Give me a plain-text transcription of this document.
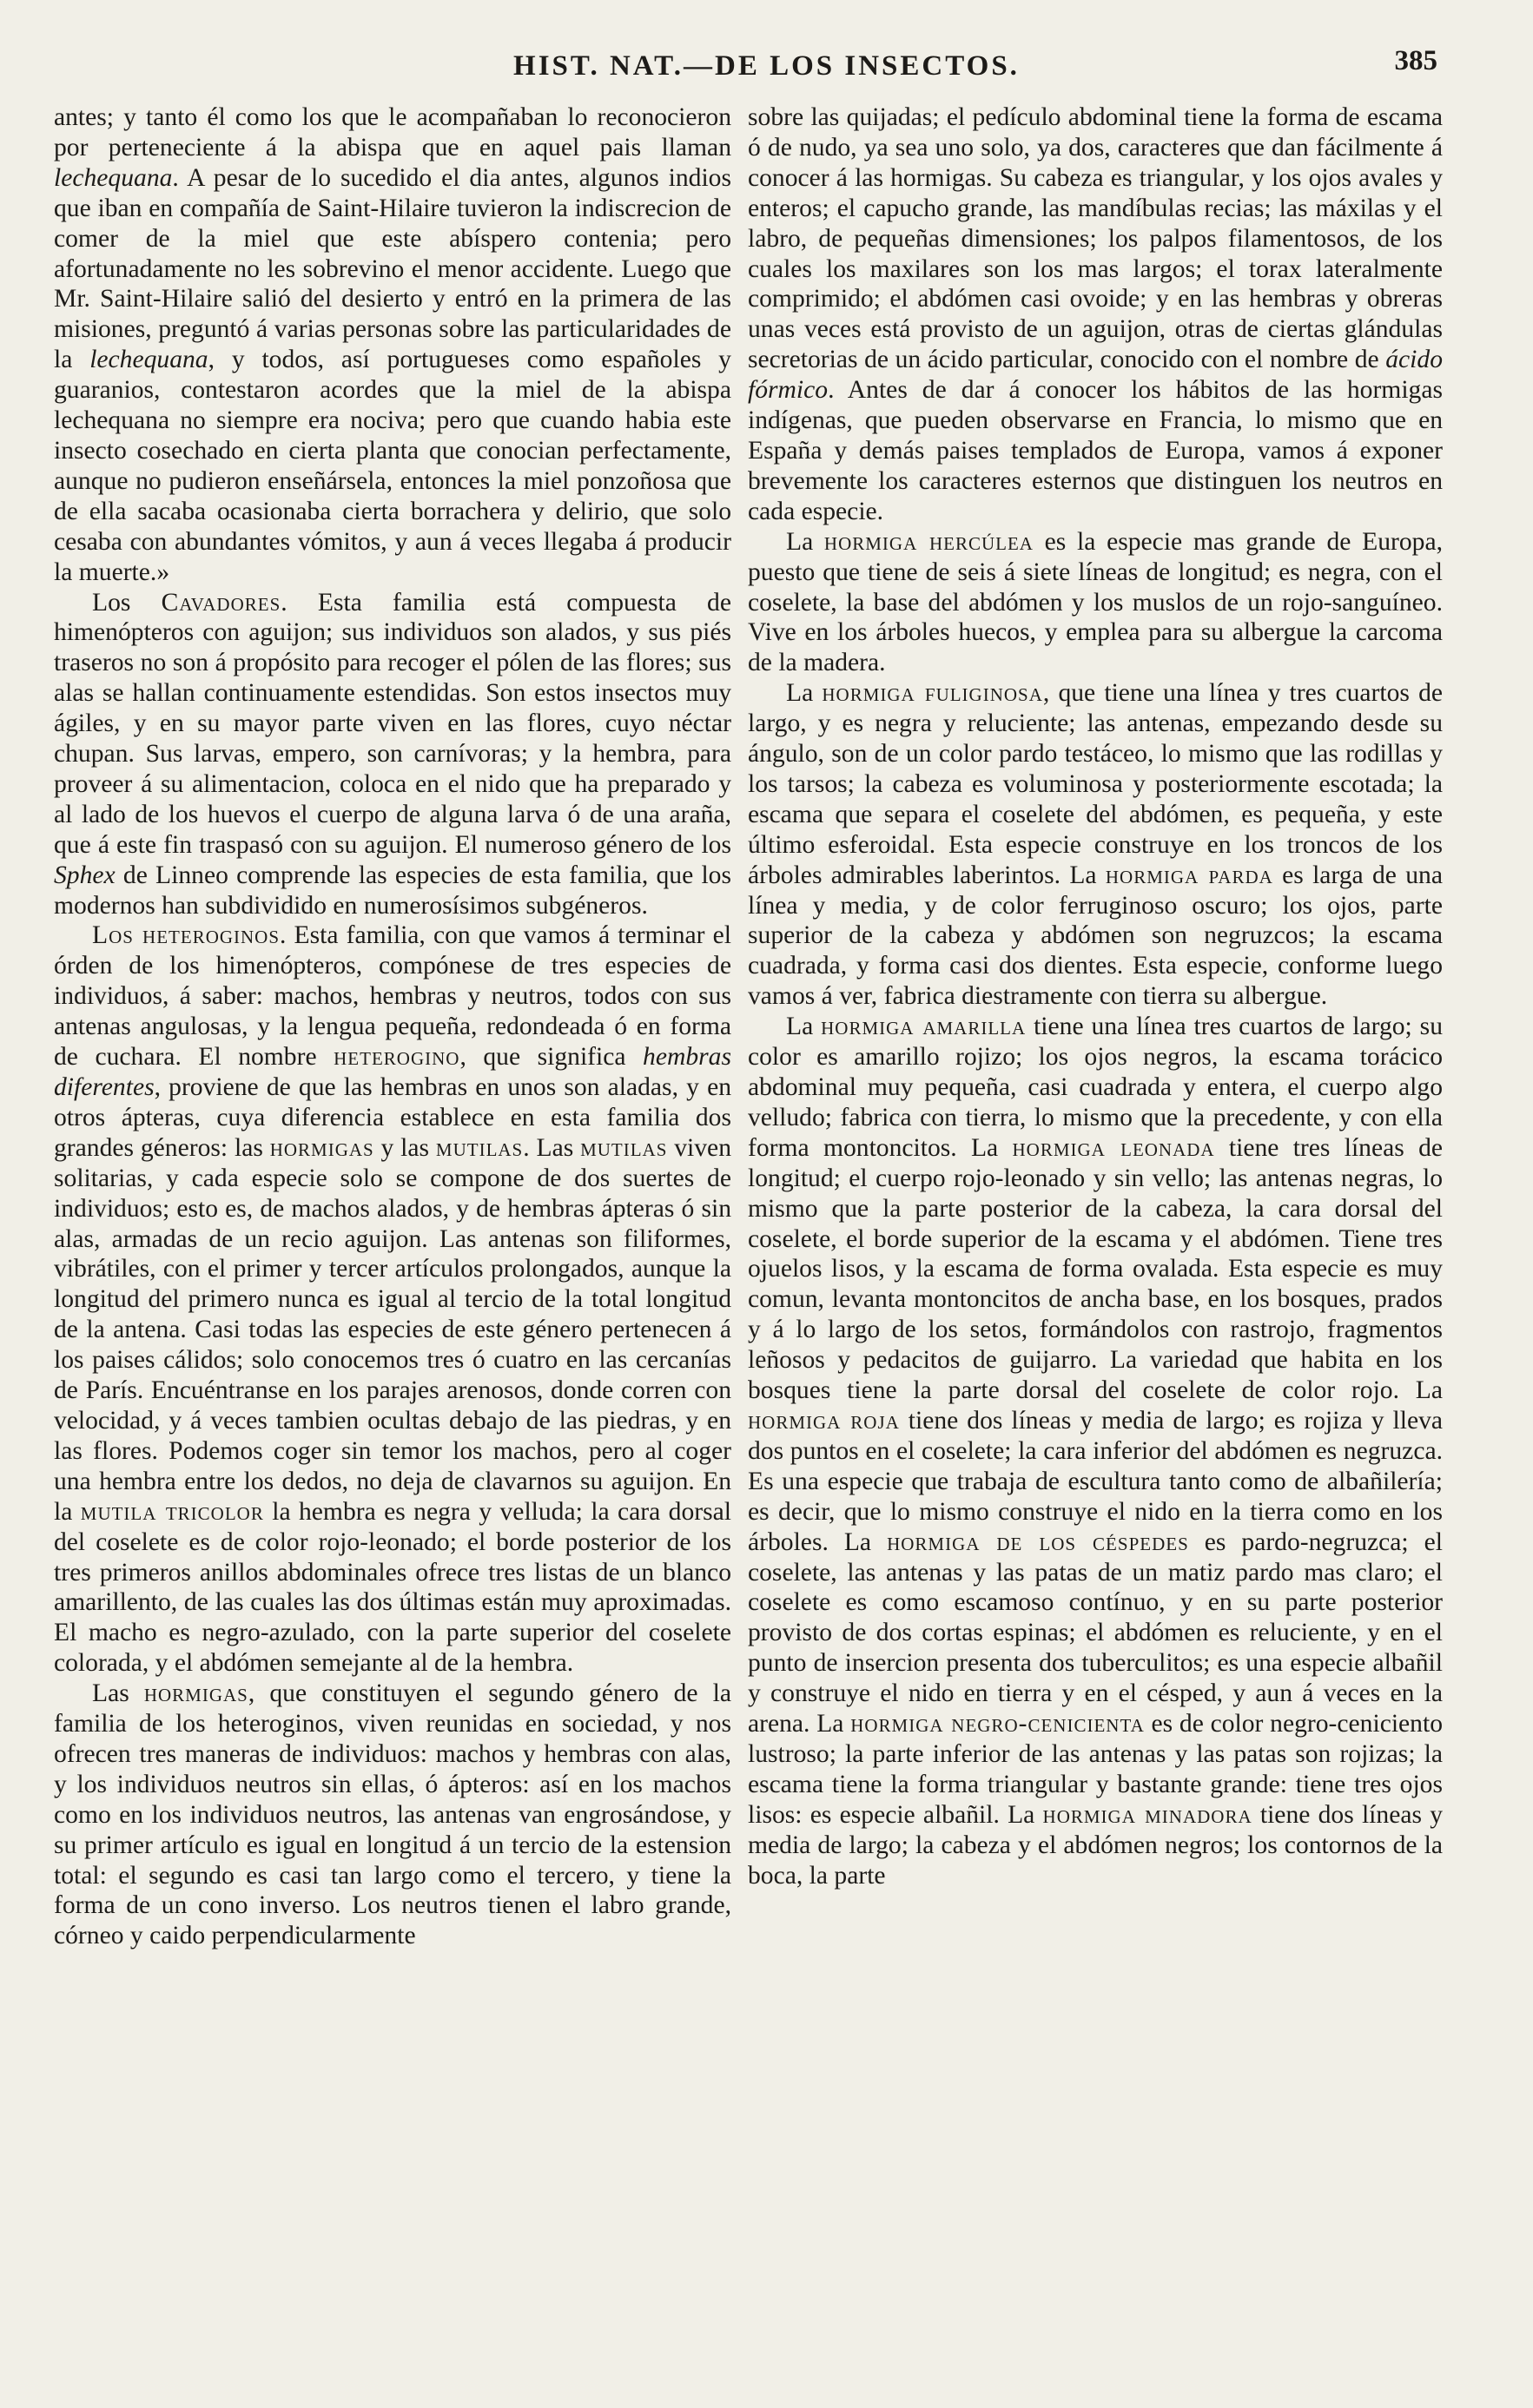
HIST. NAT.—DE LOS INSECTOS.	385

antes; y tanto él como los que le acompañaban lo reconocieron por perteneciente á la abispa que en aquel pais llaman lechequana. A pesar de lo sucedido el dia antes, algunos indios que iban en compañía de Saint-Hilaire tuvieron la indiscrecion de comer de la miel que este abíspero contenia; pero afortunadamente no les sobrevino el menor accidente. Luego que Mr. Saint-Hilaire salió del desierto y entró en la primera de las misiones, preguntó á varias personas sobre las particularidades de la lechequana, y todos, así portugueses como españoles y guaranios, contestaron acordes que la miel de la abispa lechequana no siempre era nociva; pero que cuando habia este insecto cosechado en cierta planta que conocian perfectamente, aunque no pudieron enseñársela, entonces la miel ponzoñosa que de ella sacaba ocasionaba cierta borrachera y delirio, que solo cesaba con abundantes vómitos, y aun á veces llegaba á producir la muerte.»

Los Cavadores. Esta familia está compuesta de himenópteros con aguijon; sus individuos son alados, y sus piés traseros no son á propósito para recoger el pólen de las flores; sus alas se hallan continuamente estendidas. Son estos insectos muy ágiles, y en su mayor parte viven en las flores, cuyo néctar chupan. Sus larvas, empero, son carnívoras; y la hembra, para proveer á su alimentacion, coloca en el nido que ha preparado y al lado de los huevos el cuerpo de alguna larva ó de una araña, que á este fin traspasó con su aguijon. El numeroso género de los Sphex de Linneo comprende las especies de esta familia, que los modernos han subdividido en numerosísimos subgéneros.

Los heteroginos. Esta familia, con que vamos á terminar el órden de los himenópteros, compónese de tres especies de individuos, á saber: machos, hembras y neutros, todos con sus antenas angulosas, y la lengua pequeña, redondeada ó en forma de cuchara. El nombre heterogino, que significa hembras diferentes, proviene de que las hembras en unos son aladas, y en otros ápteras, cuya diferencia establece en esta familia dos grandes géneros: las hormigas y las mutilas. Las mutilas viven solitarias, y cada especie solo se compone de dos suertes de individuos; esto es, de machos alados, y de hembras ápteras ó sin alas, armadas de un recio aguijon. Las antenas son filiformes, vibrátiles, con el primer y tercer artículos prolongados, aunque la longitud del primero nunca es igual al tercio de la total longitud de la antena. Casi todas las especies de este género pertenecen á los paises cálidos; solo conocemos tres ó cuatro en las cercanías de París. Encuéntranse en los parajes arenosos, donde corren con velocidad, y á veces tambien ocultas debajo de las piedras, y en las flores. Podemos coger sin temor los machos, pero al coger una hembra entre los dedos, no deja de clavarnos su aguijon. En la mutila tricolor la hembra es negra y velluda; la cara dorsal del coselete es de color rojo-leonado; el borde posterior de los tres primeros anillos abdominales ofrece tres listas de un blanco amarillento, de las cuales las dos últimas están muy aproximadas. El macho es negro-azulado, con la parte superior del coselete colorada, y el abdómen semejante al de la hembra.

Las hormigas, que constituyen el segundo género de la familia de los heteroginos, viven reunidas en sociedad, y nos ofrecen tres maneras de individuos: machos y hembras con alas, y los individuos neutros sin ellas, ó ápteros: así en los machos como en los individuos neutros, las antenas van engrosándose, y su primer artículo es igual en longitud á un tercio de la estension total: el segundo es casi tan largo como el tercero, y tiene la forma de un cono inverso. Los neutros tienen el labro grande, córneo y caido perpendicularmente

sobre las quijadas; el pedículo abdominal tiene la forma de escama ó de nudo, ya sea uno solo, ya dos, caracteres que dan fácilmente á conocer á las hormigas. Su cabeza es triangular, y los ojos avales y enteros; el capucho grande, las mandíbulas recias; las máxilas y el labro, de pequeñas dimensiones; los palpos filamentosos, de los cuales los maxilares son los mas largos; el torax lateralmente comprimido; el abdómen casi ovoide; y en las hembras y obreras unas veces está provisto de un aguijon, otras de ciertas glándulas secretorias de un ácido particular, conocido con el nombre de ácido fórmico. Antes de dar á conocer los hábitos de las hormigas indígenas, que pueden observarse en Francia, lo mismo que en España y demás paises templados de Europa, vamos á exponer brevemente los caracteres esternos que distinguen los neutros en cada especie.

La hormiga hercúlea es la especie mas grande de Europa, puesto que tiene de seis á siete líneas de longitud; es negra, con el coselete, la base del abdómen y los muslos de un rojo-sanguíneo. Vive en los árboles huecos, y emplea para su albergue la carcoma de la madera.

La hormiga fuliginosa, que tiene una línea y tres cuartos de largo, y es negra y reluciente; las antenas, empezando desde su ángulo, son de un color pardo testáceo, lo mismo que las rodillas y los tarsos; la cabeza es voluminosa y posteriormente escotada; la escama que separa el coselete del abdómen, es pequeña, y este último esferoidal. Esta especie construye en los troncos de los árboles admirables laberintos. La hormiga parda es larga de una línea y media, y de color ferruginoso oscuro; los ojos, parte superior de la cabeza y abdómen son negruzcos; la escama cuadrada, y forma casi dos dientes. Esta especie, conforme luego vamos á ver, fabrica diestramente con tierra su albergue.

La hormiga amarilla tiene una línea tres cuartos de largo; su color es amarillo rojizo; los ojos negros, la escama torácico abdominal muy pequeña, casi cuadrada y entera, el cuerpo algo velludo; fabrica con tierra, lo mismo que la precedente, y con ella forma montoncitos. La hormiga leonada tiene tres líneas de longitud; el cuerpo rojo-leonado y sin vello; las antenas negras, lo mismo que la parte posterior de la cabeza, la cara dorsal del coselete, el borde superior de la escama y el abdómen. Tiene tres ojuelos lisos, y la escama de forma ovalada. Esta especie es muy comun, levanta montoncitos de ancha base, en los bosques, prados y á lo largo de los setos, formándolos con rastrojo, fragmentos leñosos y pedacitos de guijarro. La variedad que habita en los bosques tiene la parte dorsal del coselete de color rojo. La hormiga roja tiene dos líneas y media de largo; es rojiza y lleva dos puntos en el coselete; la cara inferior del abdómen es negruzca. Es una especie que trabaja de escultura tanto como de albañilería; es decir, que lo mismo construye el nido en la tierra como en los árboles. La hormiga de los céspedes es pardo-negruzca; el coselete, las antenas y las patas de un matiz pardo mas claro; el coselete es como escamoso contínuo, y en su parte posterior provisto de dos cortas espinas; el abdómen es reluciente, y en el punto de insercion presenta dos tuberculitos; es una especie albañil y construye el nido en tierra y en el césped, y aun á veces en la arena. La hormiga negro-cenicienta es de color negro-ceniciento lustroso; la parte inferior de las antenas y las patas son rojizas; la escama tiene la forma triangular y bastante grande: tiene tres ojos lisos: es especie albañil. La hormiga minadora tiene dos líneas y media de largo; la cabeza y el abdómen negros; los contornos de la boca, la parte
